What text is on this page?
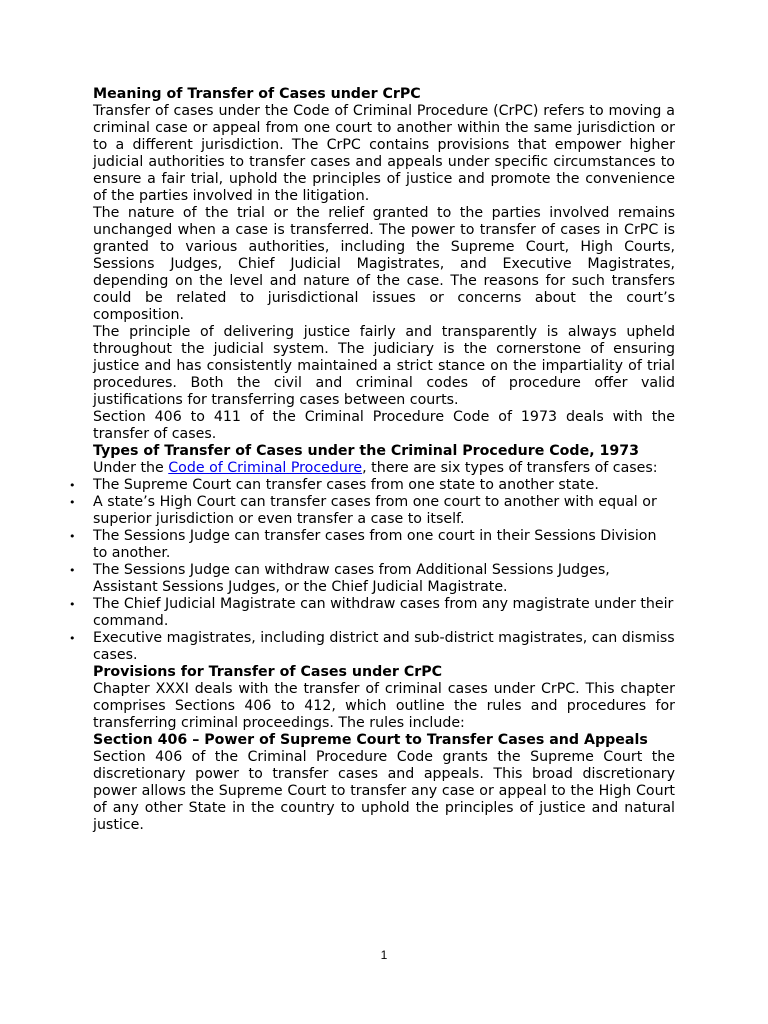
Meaning of Transfer of Cases under CrPC

Transfer of cases under the Code of Criminal Procedure (CrPC) refers to moving a criminal case or appeal from one court to another within the same jurisdiction or to a different jurisdiction. The CrPC contains provisions that empower higher judicial authorities to transfer cases and appeals under specific circumstances to ensure a fair trial, uphold the principles of justice and promote the convenience of the parties involved in the litigation.

The nature of the trial or the relief granted to the parties involved remains unchanged when a case is transferred. The power to transfer of cases in CrPC is granted to various authorities, including the Supreme Court, High Courts, Sessions Judges, Chief Judicial Magistrates, and Executive Magistrates, depending on the level and nature of the case. The reasons for such transfers could be related to jurisdictional issues or concerns about the court’s composition.

The principle of delivering justice fairly and transparently is always upheld throughout the judicial system. The judiciary is the cornerstone of ensuring justice and has consistently maintained a strict stance on the impartiality of trial procedures. Both the civil and criminal codes of procedure offer valid justifications for transferring cases between courts.

Section 406 to 411 of the Criminal Procedure Code of 1973 deals with the transfer of cases.

Types of Transfer of Cases under the Criminal Procedure Code, 1973

Under the Code of Criminal Procedure, there are six types of transfers of cases:

• The Supreme Court can transfer cases from one state to another state.
• A state’s High Court can transfer cases from one court to another with equal or superior jurisdiction or even transfer a case to itself.
• The Sessions Judge can transfer cases from one court in their Sessions Division to another.
• The Sessions Judge can withdraw cases from Additional Sessions Judges, Assistant Sessions Judges, or the Chief Judicial Magistrate.
• The Chief Judicial Magistrate can withdraw cases from any magistrate under their command.
• Executive magistrates, including district and sub-district magistrates, can dismiss cases.

Provisions for Transfer of Cases under CrPC

Chapter XXXI deals with the transfer of criminal cases under CrPC. This chapter comprises Sections 406 to 412, which outline the rules and procedures for transferring criminal proceedings. The rules include:

Section 406 – Power of Supreme Court to Transfer Cases and Appeals

Section 406 of the Criminal Procedure Code grants the Supreme Court the discretionary power to transfer cases and appeals. This broad discretionary power allows the Supreme Court to transfer any case or appeal to the High Court of any other State in the country to uphold the principles of justice and natural justice.

1
